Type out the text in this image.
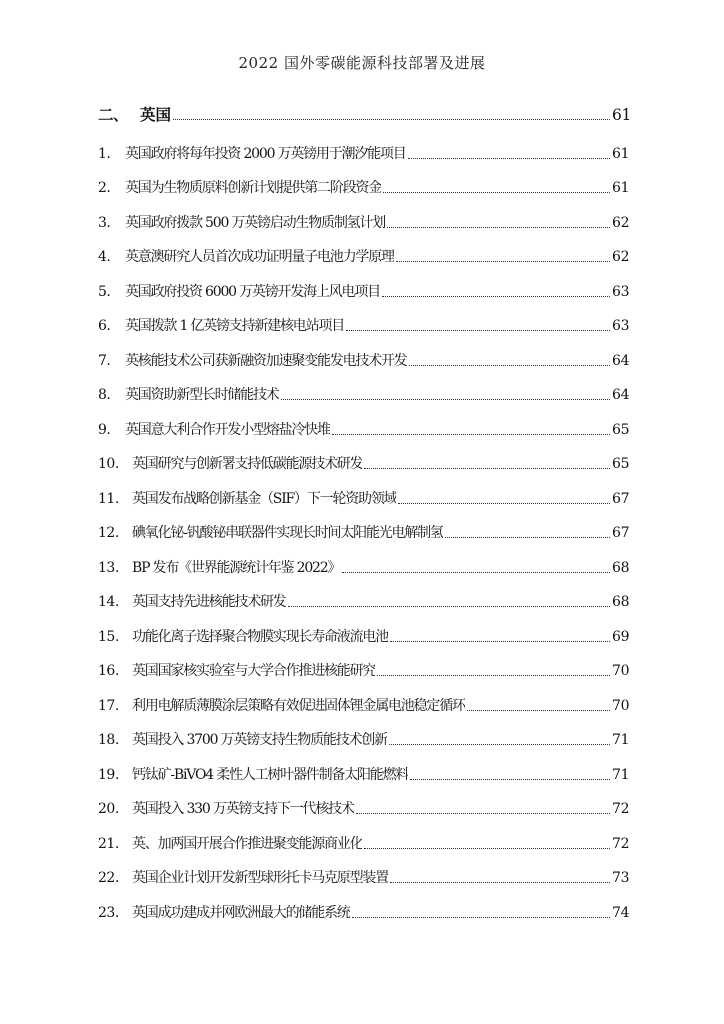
2022 国外零碳能源科技部署及进展
二、 英国	61
1.	英国政府将每年投资 2000 万英镑用于潮汐能项目	61
2.	英国为生物质原料创新计划提供第二阶段资金	61
3.	英国政府拨款 500 万英镑启动生物质制氢计划	62
4.	英意澳研究人员首次成功证明量子电池力学原理	62
5.	英国政府投资 6000 万英镑开发海上风电项目	63
6.	英国拨款 1 亿英镑支持新建核电站项目	63
7.	英核能技术公司获新融资加速聚变能发电技术开发	64
8.	英国资助新型长时储能技术	64
9.	英国意大利合作开发小型熔盐冷快堆	65
10. 英国研究与创新署支持低碳能源技术研发	65
11. 英国发布战略创新基金（SIF）下一轮资助领域	67
12. 碘氧化铋-钒酸铋串联器件实现长时间太阳能光电解制氢	67
13. BP 发布《世界能源统计年鉴 2022》	68
14. 英国支持先进核能技术研发	68
15. 功能化离子选择聚合物膜实现长寿命液流电池	69
16. 英国国家核实验室与大学合作推进核能研究	70
17. 利用电解质薄膜涂层策略有效促进固体锂金属电池稳定循环	70
18. 英国投入 3700 万英镑支持生物质能技术创新	71
19. 钙钛矿-BiVO4 柔性人工树叶器件制备太阳能燃料	71
20. 英国投入 330 万英镑支持下一代核技术	72
21. 英、加两国开展合作推进聚变能源商业化	72
22. 英国企业计划开发新型球形托卡马克原型装置	73
23. 英国成功建成并网欧洲最大的储能系统	74
